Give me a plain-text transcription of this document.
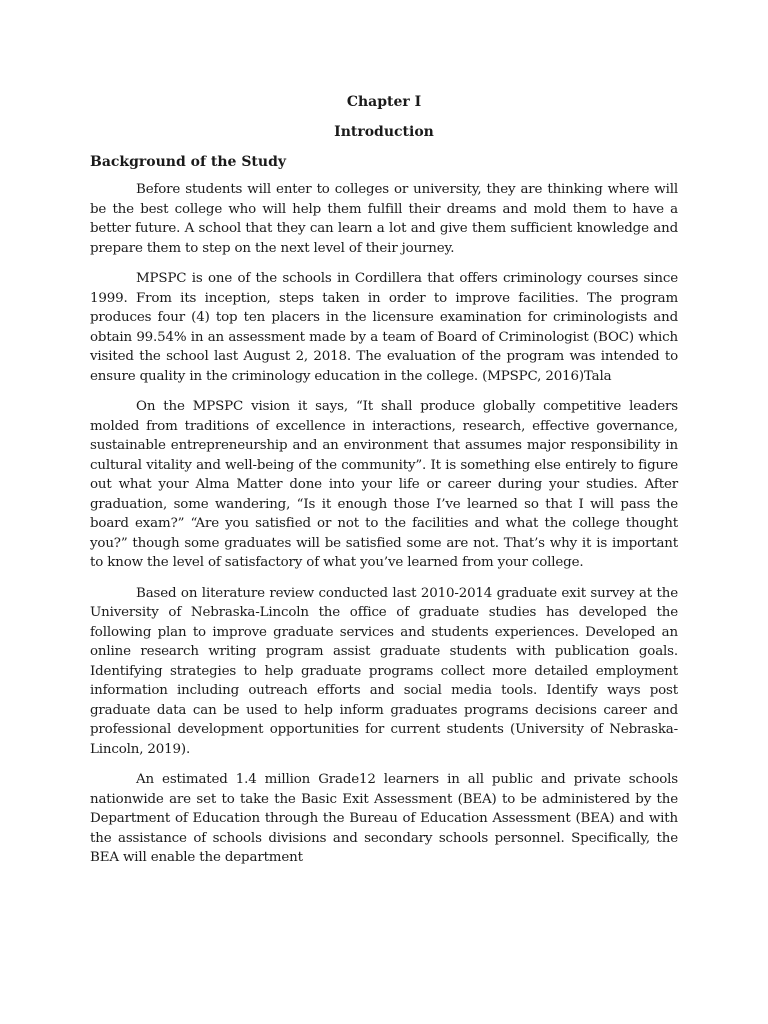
Chapter I

Introduction

Background of the Study

Before students will enter to colleges or university, they are thinking where will be the best college who will help them fulfill their dreams and mold them to have a better future. A school that they can learn a lot and give them sufficient knowledge and prepare them to step on the next level of their journey.

MPSPC is one of the schools in Cordillera that offers criminology courses since 1999. From its inception, steps taken in order to improve facilities. The program produces four (4) top ten placers in the licensure examination for criminologists and obtain 99.54% in an assessment made by a team of Board of Criminologist (BOC) which visited the school last August 2, 2018. The evaluation of the program was intended to ensure quality in the criminology education in the college. (MPSPC, 2016)Tala

On the MPSPC vision it says, “It shall produce globally competitive leaders molded from traditions of excellence in interactions, research, effective governance, sustainable entrepreneurship and an environment that assumes major responsibility in cultural vitality and well-being of the community”. It is something else entirely to figure out what your Alma Matter done into your life or career during your studies. After graduation, some wandering, “Is it enough those I’ve learned so that I will pass the board exam?” “Are you satisfied or not to the facilities and what the college thought you?” though some graduates will be satisfied some are not. That’s why it is important to know the level of satisfactory of what you’ve learned from your college.

Based on literature review conducted last 2010-2014 graduate exit survey at the University of Nebraska-Lincoln the office of graduate studies has developed the following plan to improve graduate services and students experiences. Developed an online research writing program assist graduate students with publication goals. Identifying strategies to help graduate programs collect more detailed employment information including outreach efforts and social media tools. Identify ways post graduate data can be used to help inform graduates programs decisions career and professional development opportunities for current students (University of Nebraska-Lincoln, 2019).

An estimated 1.4 million Grade12 learners in all public and private schools nationwide are set to take the Basic Exit Assessment (BEA) to be administered by the Department of Education through the Bureau of Education Assessment (BEA) and with the assistance of schools divisions and secondary schools personnel. Specifically, the BEA will enable the department
